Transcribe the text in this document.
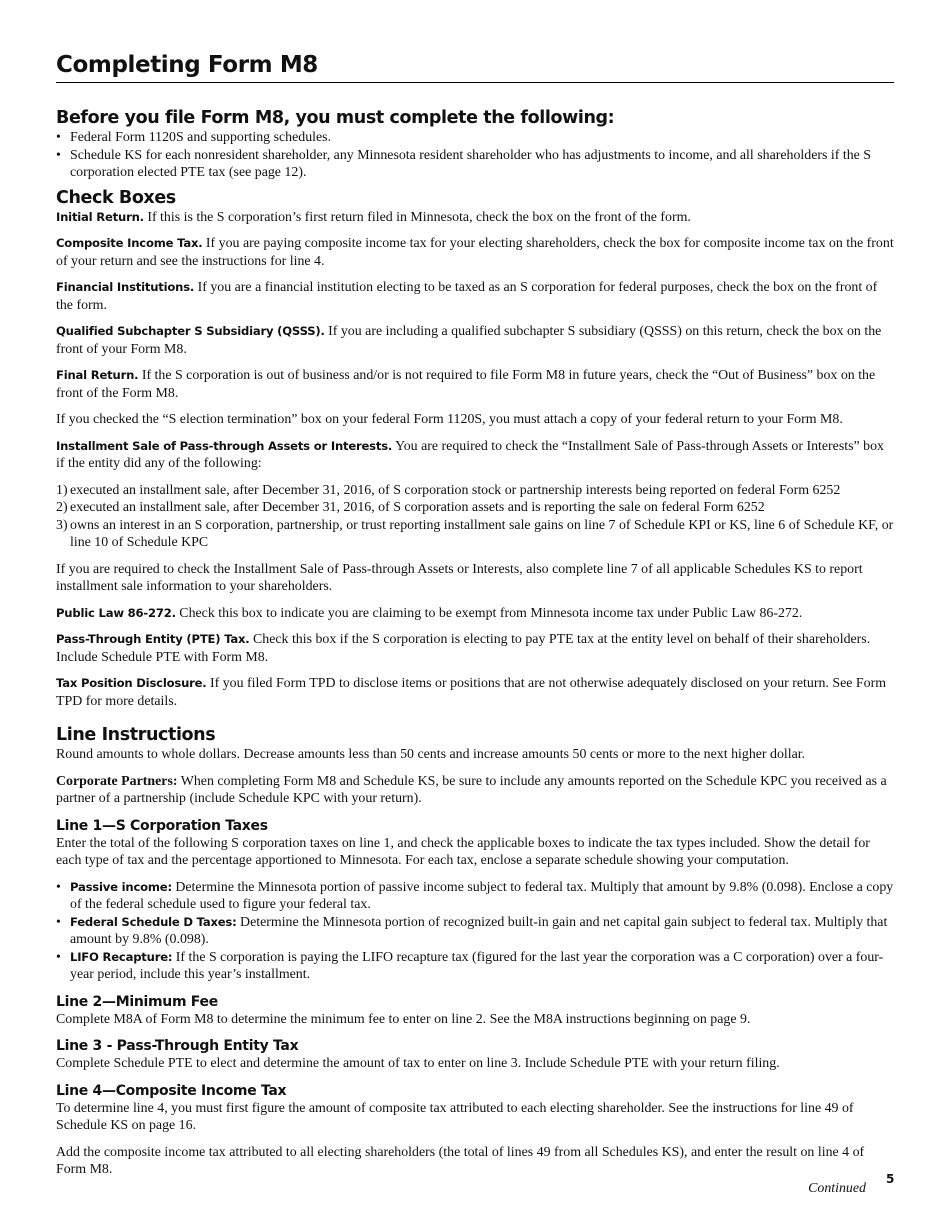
Completing Form M8
Before you file Form M8, you must complete the following:
• Federal Form 1120S and supporting schedules.
• Schedule KS for each nonresident shareholder, any Minnesota resident shareholder who has adjustments to income, and all shareholders if the S corporation elected PTE tax (see page 12).
Check Boxes

Initial Return. If this is the S corporation’s first return filed in Minnesota, check the box on the front of the form.

Composite Income Tax. If you are paying composite income tax for your electing shareholders, check the box for composite income tax on the front of your return and see the instructions for line 4.

Financial Institutions. If you are a financial institution electing to be taxed as an S corporation for federal purposes, check the box on the front of the form.

Qualified Subchapter S Subsidiary (QSSS). If you are including a qualified subchapter S subsidiary (QSSS) on this return, check the box on the front of your Form M8.

Final Return. If the S corporation is out of business and/or is not required to file Form M8 in future years, check the “Out of Business” box on the front of the Form M8.

If you checked the “S election termination” box on your federal Form 1120S, you must attach a copy of your federal return to your Form M8.

Installment Sale of Pass-through Assets or Interests. You are required to check the “Installment Sale of Pass-through Assets or Interests” box if the entity did any of the following:

1) executed an installment sale, after December 31, 2016, of S corporation stock or partnership interests being reported on federal Form 6252
2) executed an installment sale, after December 31, 2016, of S corporation assets and is reporting the sale on federal Form 6252
3) owns an interest in an S corporation, partnership, or trust reporting installment sale gains on line 7 of Schedule KPI or KS, line 6 of Schedule KF, or line 10 of Schedule KPC

If you are required to check the Installment Sale of Pass-through Assets or Interests, also complete line 7 of all applicable Schedules KS to report installment sale information to your shareholders.

Public Law 86-272. Check this box to indicate you are claiming to be exempt from Minnesota income tax under Public Law 86-272.

Pass-Through Entity (PTE) Tax. Check this box if the S corporation is electing to pay PTE tax at the entity level on behalf of their shareholders. Include Schedule PTE with Form M8.

Tax Position Disclosure. If you filed Form TPD to disclose items or positions that are not otherwise adequately disclosed on your return. See Form TPD for more details.

Line Instructions

Round amounts to whole dollars. Decrease amounts less than 50 cents and increase amounts 50 cents or more to the next higher dollar.

Corporate Partners: When completing Form M8 and Schedule KS, be sure to include any amounts reported on the Schedule KPC you received as a partner of a partnership (include Schedule KPC with your return).

Line 1—S Corporation Taxes

Enter the total of the following S corporation taxes on line 1, and check the applicable boxes to indicate the tax types included. Show the detail for each type of tax and the percentage apportioned to Minnesota. For each tax, enclose a separate schedule showing your computation.

• Passive income: Determine the Minnesota portion of passive income subject to federal tax. Multiply that amount by 9.8% (0.098). Enclose a copy of the federal schedule used to figure your federal tax.
• Federal Schedule D Taxes: Determine the Minnesota portion of recognized built-in gain and net capital gain subject to federal tax. Multiply that amount by 9.8% (0.098).
• LIFO Recapture: If the S corporation is paying the LIFO recapture tax (figured for the last year the corporation was a C corporation) over a four-year period, include this year’s installment.
Line 2—Minimum Fee

Complete M8A of Form M8 to determine the minimum fee to enter on line 2. See the M8A instructions beginning on page 9.

Line 3 - Pass-Through Entity Tax

Complete Schedule PTE to elect and determine the amount of tax to enter on line 3. Include Schedule PTE with your return filing.

Line 4—Composite Income Tax

To determine line 4, you must first figure the amount of composite tax attributed to each electing shareholder. See the instructions for line 49 of Schedule KS on page 16.

Add the composite income tax attributed to all electing shareholders (the total of lines 49 from all Schedules KS), and enter the result on line 4 of Form M8.

Continued
5
